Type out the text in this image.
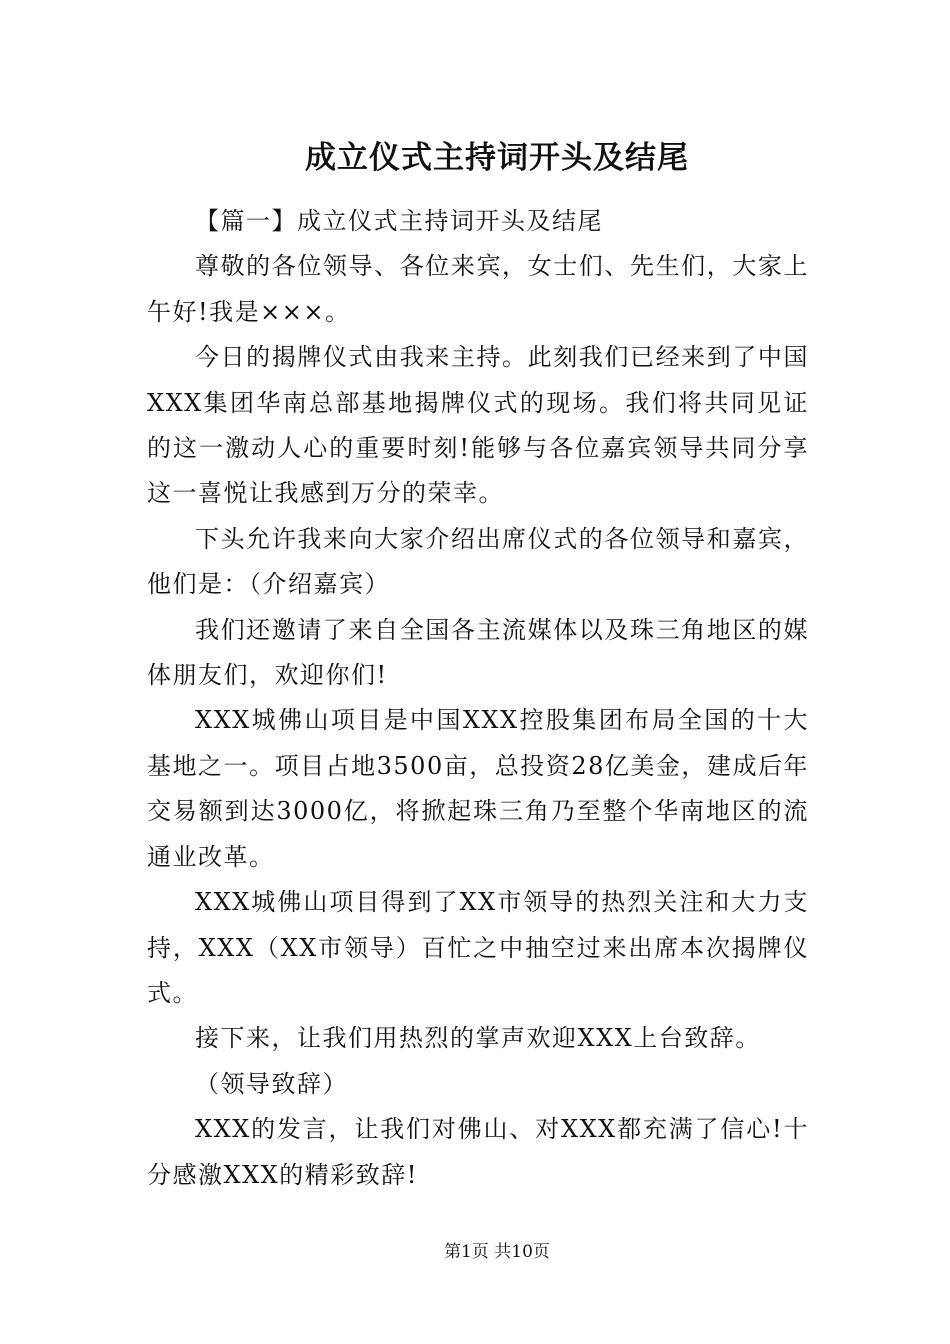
成立仪式主持词开头及结尾

【篇一】成立仪式主持词开头及结尾

尊敬的各位领导、各位来宾，女士们、先生们，大家上午好!我是×××。

今日的揭牌仪式由我来主持。此刻我们已经来到了中国XXX集团华南总部基地揭牌仪式的现场。我们将共同见证的这一激动人心的重要时刻!能够与各位嘉宾领导共同分享这一喜悦让我感到万分的荣幸。

下头允许我来向大家介绍出席仪式的各位领导和嘉宾，他们是：（介绍嘉宾）

我们还邀请了来自全国各主流媒体以及珠三角地区的媒体朋友们，欢迎你们!

XXX城佛山项目是中国XXX控股集团布局全国的十大基地之一。项目占地3500亩，总投资28亿美金，建成后年交易额到达3000亿，将掀起珠三角乃至整个华南地区的流通业改革。

XXX城佛山项目得到了XX市领导的热烈关注和大力支持，XXX（XX市领导）百忙之中抽空过来出席本次揭牌仪式。

接下来，让我们用热烈的掌声欢迎XXX上台致辞。

（领导致辞）

XXX的发言，让我们对佛山、对XXX都充满了信心!十分感激XXX的精彩致辞!

第1页 共10页
